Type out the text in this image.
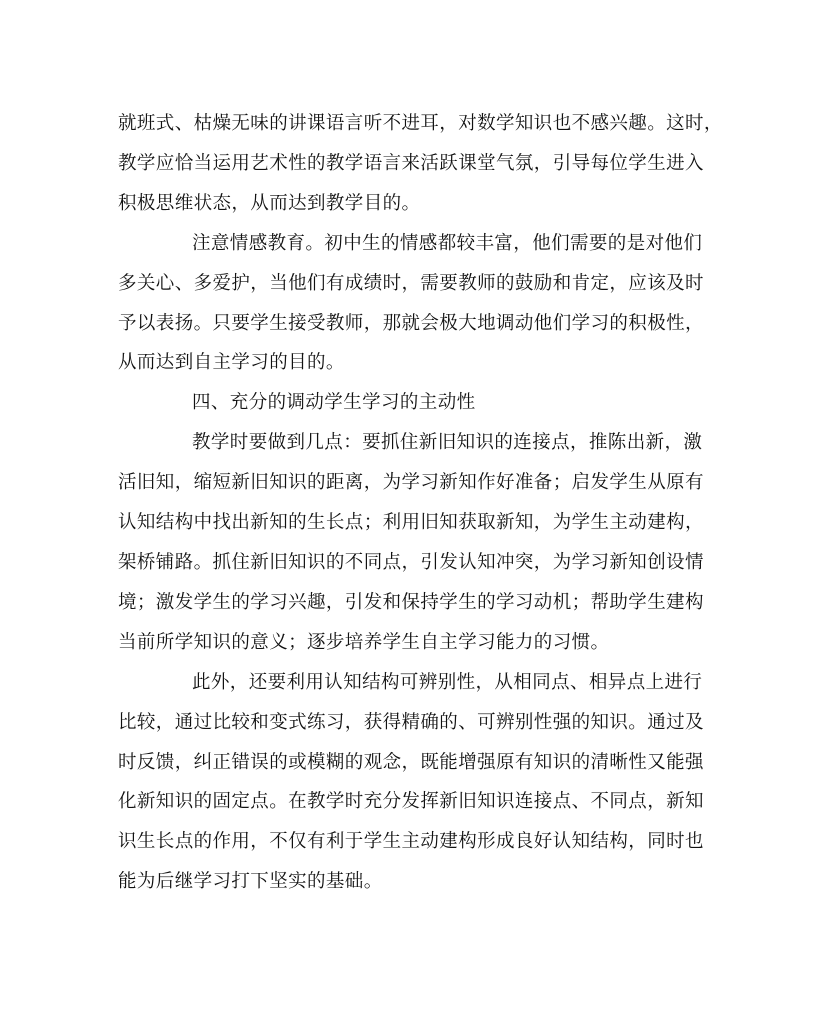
就班式、枯燥无味的讲课语言听不进耳，对数学知识也不感兴趣。这时，
教学应恰当运用艺术性的教学语言来活跃课堂气氛，引导每位学生进入
积极思维状态，从而达到教学目的。

注意情感教育。初中生的情感都较丰富，他们需要的是对他们
多关心、多爱护，当他们有成绩时，需要教师的鼓励和肯定，应该及时
予以表扬。只要学生接受教师，那就会极大地调动他们学习的积极性，
从而达到自主学习的目的。

四、充分的调动学生学习的主动性

教学时要做到几点：要抓住新旧知识的连接点，推陈出新，激
活旧知，缩短新旧知识的距离，为学习新知作好准备；启发学生从原有
认知结构中找出新知的生长点；利用旧知获取新知，为学生主动建构，
架桥铺路。抓住新旧知识的不同点，引发认知冲突，为学习新知创设情
境；激发学生的学习兴趣，引发和保持学生的学习动机；帮助学生建构
当前所学知识的意义；逐步培养学生自主学习能力的习惯。

此外，还要利用认知结构可辨别性，从相同点、相异点上进行
比较，通过比较和变式练习，获得精确的、可辨别性强的知识。通过及
时反馈，纠正错误的或模糊的观念，既能增强原有知识的清晰性又能强
化新知识的固定点。在教学时充分发挥新旧知识连接点、不同点，新知
识生长点的作用，不仅有利于学生主动建构形成良好认知结构，同时也
能为后继学习打下坚实的基础。
